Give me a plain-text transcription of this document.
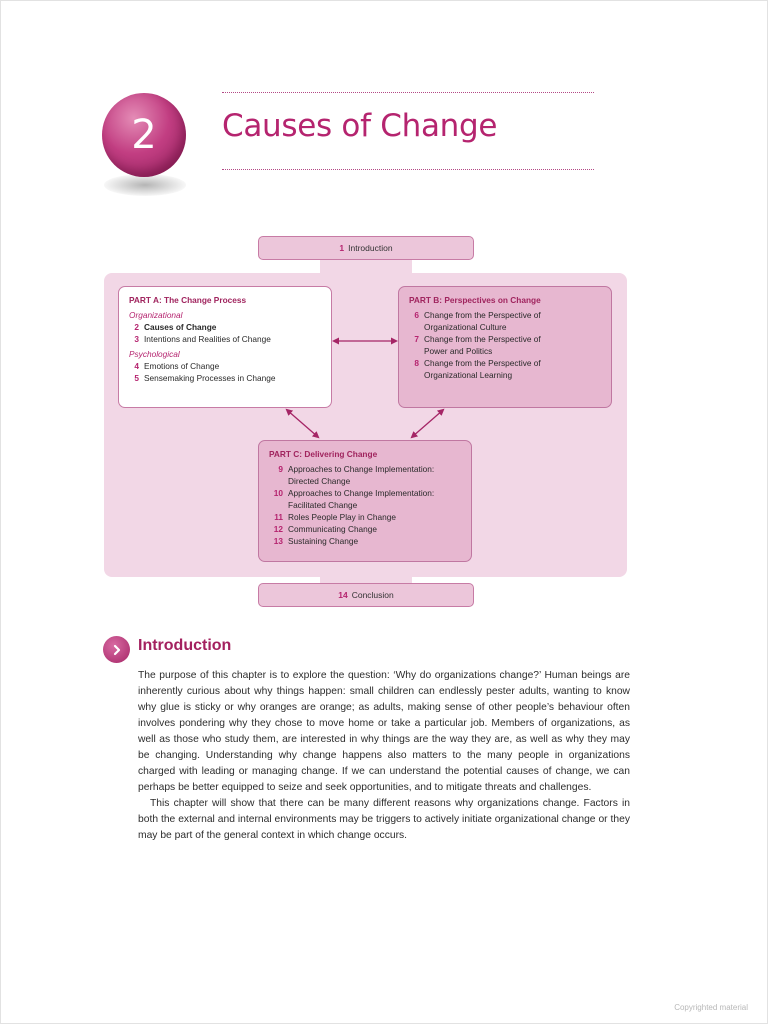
2 Causes of Change
1 Introduction
PART A: The Change Process
Organizational
2 Causes of Change
3 Intentions and Realities of Change
Psychological
4 Emotions of Change
5 Sensemaking Processes in Change
PART B: Perspectives on Change
6 Change from the Perspective of
Organizational Culture
7 Change from the Perspective of
Power and Politics
8 Change from the Perspective of
Organizational Learning
PART C: Delivering Change
9 Approaches to Change Implementation:
Directed Change
10 Approaches to Change Implementation:
Facilitated Change
11 Roles People Play in Change
12 Communicating Change
13 Sustaining Change
14 Conclusion
Introduction

The purpose of this chapter is to explore the question: ‘Why do organizations change?’ Human beings are inherently curious about why things happen: small children can endlessly pester adults, wanting to know why glue is sticky or why oranges are orange; as adults, making sense of other people’s behaviour often involves pondering why they chose to move home or take a particular job. Members of organizations, as well as those who study them, are interested in why things are the way they are, as well as why they may be changing. Understanding why change happens also matters to the many people in organizations charged with leading or managing change. If we can understand the potential causes of change, we can perhaps be better equipped to seize and seek opportunities, and to mitigate threats and challenges.

This chapter will show that there can be many different reasons why organizations change. Factors in both the external and internal environments may be triggers to actively initiate organizational change or they may be part of the general context in which change occurs.

Copyrighted material
